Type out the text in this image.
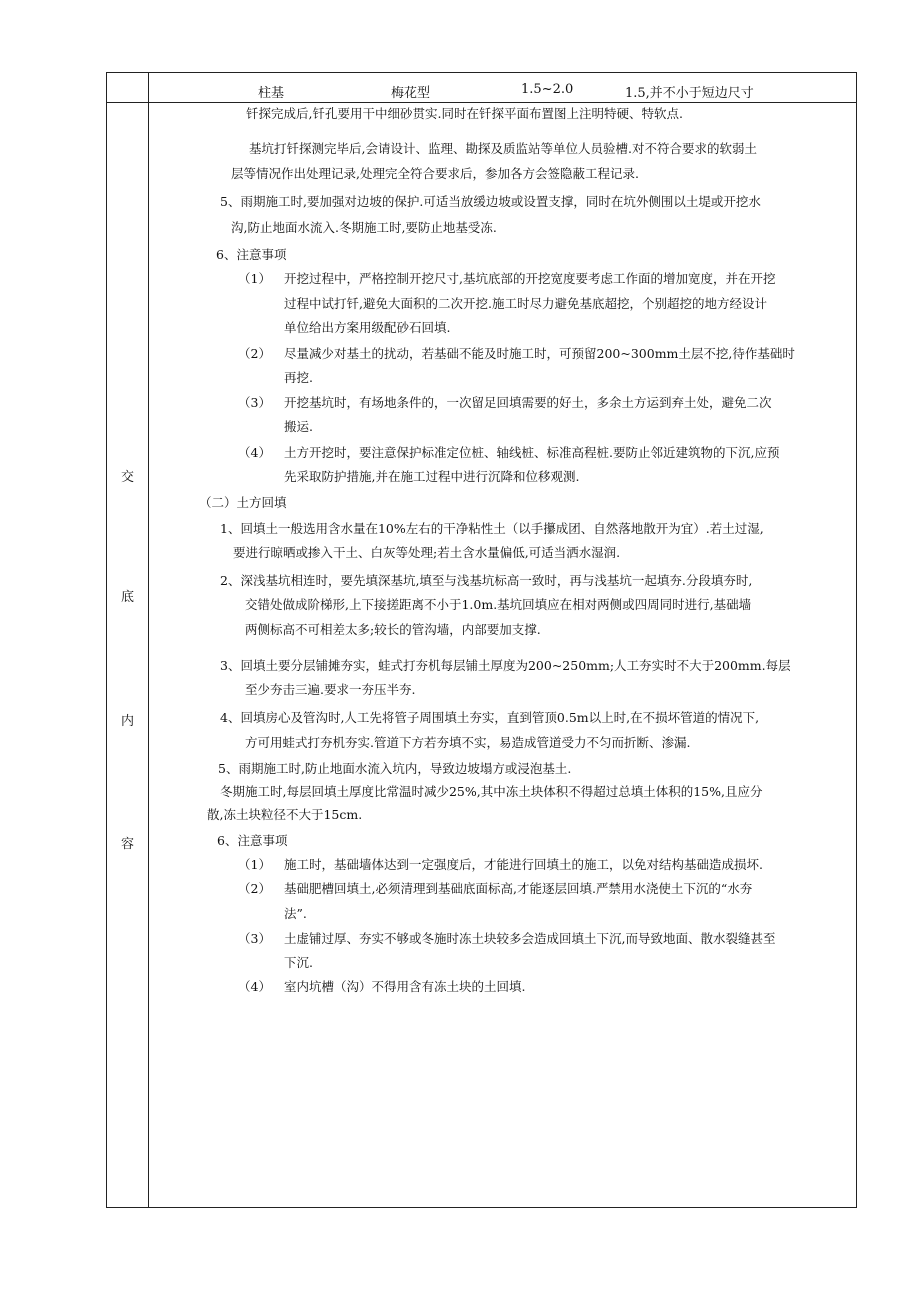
柱基	梅花型	1.5~2.0	1.5,并不小于短边尺寸
交
底
内
容
钎探完成后,钎孔要用干中细砂贯实.同时在钎探平面布置图上注明特硬、特软点.
基坑打钎探测完毕后,会请设计、监理、勘探及质监站等单位人员验槽.对不符合要求的软弱土
层等情况作出处理记录,处理完全符合要求后，参加各方会签隐蔽工程记录.
5、雨期施工时,要加强对边坡的保护.可适当放缓边坡或设置支撑，同时在坑外侧围以土堤或开挖水
沟,防止地面水流入.冬期施工时,要防止地基受冻.
6、注意事项
（1） 开挖过程中，严格控制开挖尺寸,基坑底部的开挖宽度要考虑工作面的增加宽度，并在开挖
过程中试打钎,避免大面积的二次开挖.施工时尽力避免基底超挖，个别超挖的地方经设计
单位给出方案用级配砂石回填.
（2） 尽量减少对基土的扰动，若基础不能及时施工时，可预留200~300mm土层不挖,待作基础时
再挖.
（3） 开挖基坑时，有场地条件的，一次留足回填需要的好土，多余土方运到弃土处，避免二次
搬运.
（4） 土方开挖时，要注意保护标准定位桩、轴线桩、标准高程桩.要防止邻近建筑物的下沉,应预
先采取防护措施,并在施工过程中进行沉降和位移观测.
（二）土方回填
1、回填土一般选用含水量在10%左右的干净粘性土（以手攥成团、自然落地散开为宜）.若土过湿,
要进行晾晒或掺入干土、白灰等处理;若土含水量偏低,可适当洒水湿润.
2、深浅基坑相连时，要先填深基坑,填至与浅基坑标高一致时，再与浅基坑一起填夯.分段填夯时,
交错处做成阶梯形,上下接搓距离不小于1.0m.基坑回填应在相对两侧或四周同时进行,基础墙
两侧标高不可相差太多;较长的管沟墙，内部要加支撑.
3、回填土要分层铺摊夯实，蛙式打夯机每层铺土厚度为200~250mm;人工夯实时不大于200mm.每层
至少夯击三遍.要求一夯压半夯.
4、回填房心及管沟时,人工先将管子周围填土夯实，直到管顶0.5m以上时,在不损坏管道的情况下,
方可用蛙式打夯机夯实.管道下方若夯填不实，易造成管道受力不匀而折断、渗漏.
5、雨期施工时,防止地面水流入坑内，导致边坡塌方或浸泡基土.
冬期施工时,每层回填土厚度比常温时减少25%,其中冻土块体积不得超过总填土体积的15%,且应分
散,冻土块粒径不大于15cm.
6、注意事项
（1） 施工时，基础墙体达到一定强度后，才能进行回填土的施工，以免对结构基础造成损坏.
（2） 基础肥槽回填土,必须清理到基础底面标高,才能逐层回填.严禁用水浇使土下沉的“水夯
法”.
（3） 土虚铺过厚、夯实不够或冬施时冻土块较多会造成回填土下沉,而导致地面、散水裂缝甚至
下沉.
（4） 室内坑槽（沟）不得用含有冻土块的土回填.
